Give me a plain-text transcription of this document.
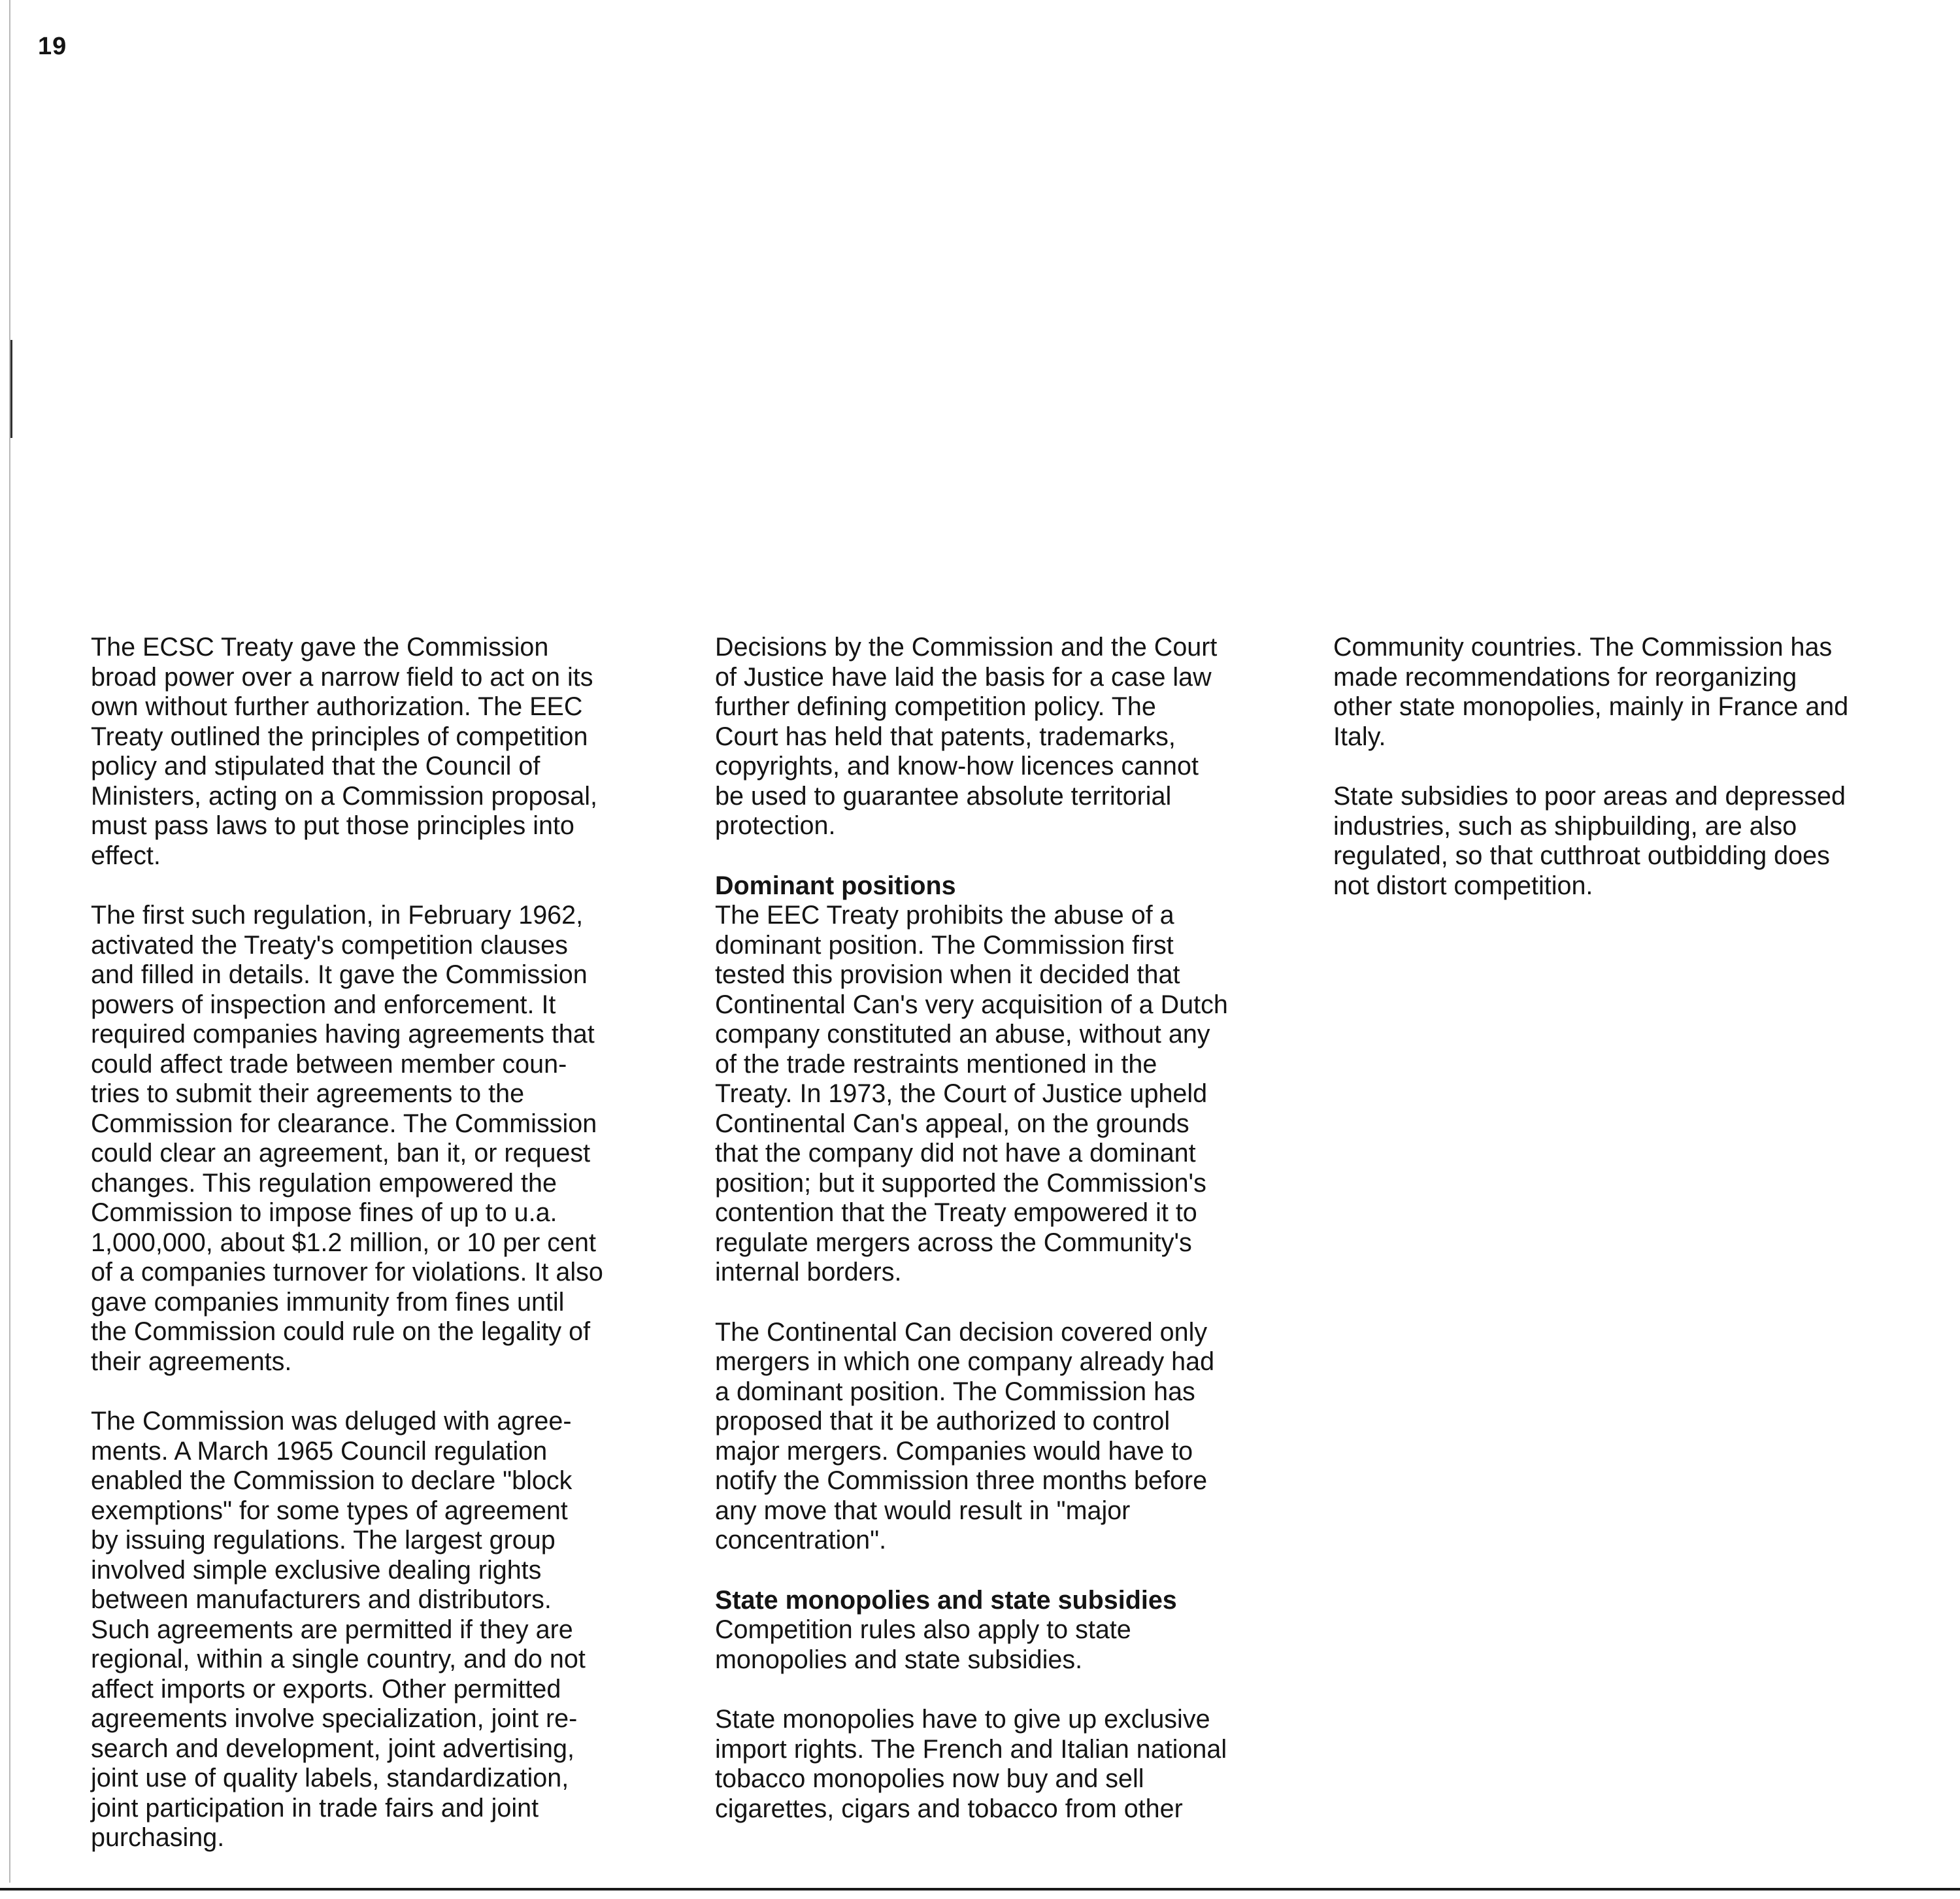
19

The ECSC Treaty gave the Commission
broad power over a narrow field to act on its
own without further authorization. The EEC
Treaty outlined the principles of competition
policy and stipulated that the Council of
Ministers, acting on a Commission proposal,
must pass laws to put those principles into
effect.

The first such regulation, in February 1962,
activated the Treaty's competition clauses
and filled in details. It gave the Commission
powers of inspection and enforcement. It
required companies having agreements that
could affect trade between member coun-
tries to submit their agreements to the
Commission for clearance. The Commission
could clear an agreement, ban it, or request
changes. This regulation empowered the
Commission to impose fines of up to u.a.
1,000,000, about $1.2 million, or 10 per cent
of a companies turnover for violations. It also
gave companies immunity from fines until
the Commission could rule on the legality of
their agreements.

The Commission was deluged with agree-
ments. A March 1965 Council regulation
enabled the Commission to declare "block
exemptions" for some types of agreement
by issuing regulations. The largest group
involved simple exclusive dealing rights
between manufacturers and distributors.
Such agreements are permitted if they are
regional, within a single country, and do not
affect imports or exports. Other permitted
agreements involve specialization, joint re-
search and development, joint advertising,
joint use of quality labels, standardization,
joint participation in trade fairs and joint
purchasing.

Decisions by the Commission and the Court
of Justice have laid the basis for a case law
further defining competition policy. The
Court has held that patents, trademarks,
copyrights, and know-how licences cannot
be used to guarantee absolute territorial
protection.

Dominant positions

The EEC Treaty prohibits the abuse of a
dominant position. The Commission first
tested this provision when it decided that
Continental Can's very acquisition of a Dutch
company constituted an abuse, without any
of the trade restraints mentioned in the
Treaty. In 1973, the Court of Justice upheld
Continental Can's appeal, on the grounds
that the company did not have a dominant
position; but it supported the Commission's
contention that the Treaty empowered it to
regulate mergers across the Community's
internal borders.

The Continental Can decision covered only
mergers in which one company already had
a dominant position. The Commission has
proposed that it be authorized to control
major mergers. Companies would have to
notify the Commission three months before
any move that would result in "major
concentration".

State monopolies and state subsidies

Competition rules also apply to state
monopolies and state subsidies.

State monopolies have to give up exclusive
import rights. The French and Italian national
tobacco monopolies now buy and sell
cigarettes, cigars and tobacco from other

Community countries. The Commission has
made recommendations for reorganizing
other state monopolies, mainly in France and
Italy.

State subsidies to poor areas and depressed
industries, such as shipbuilding, are also
regulated, so that cutthroat outbidding does
not distort competition.
